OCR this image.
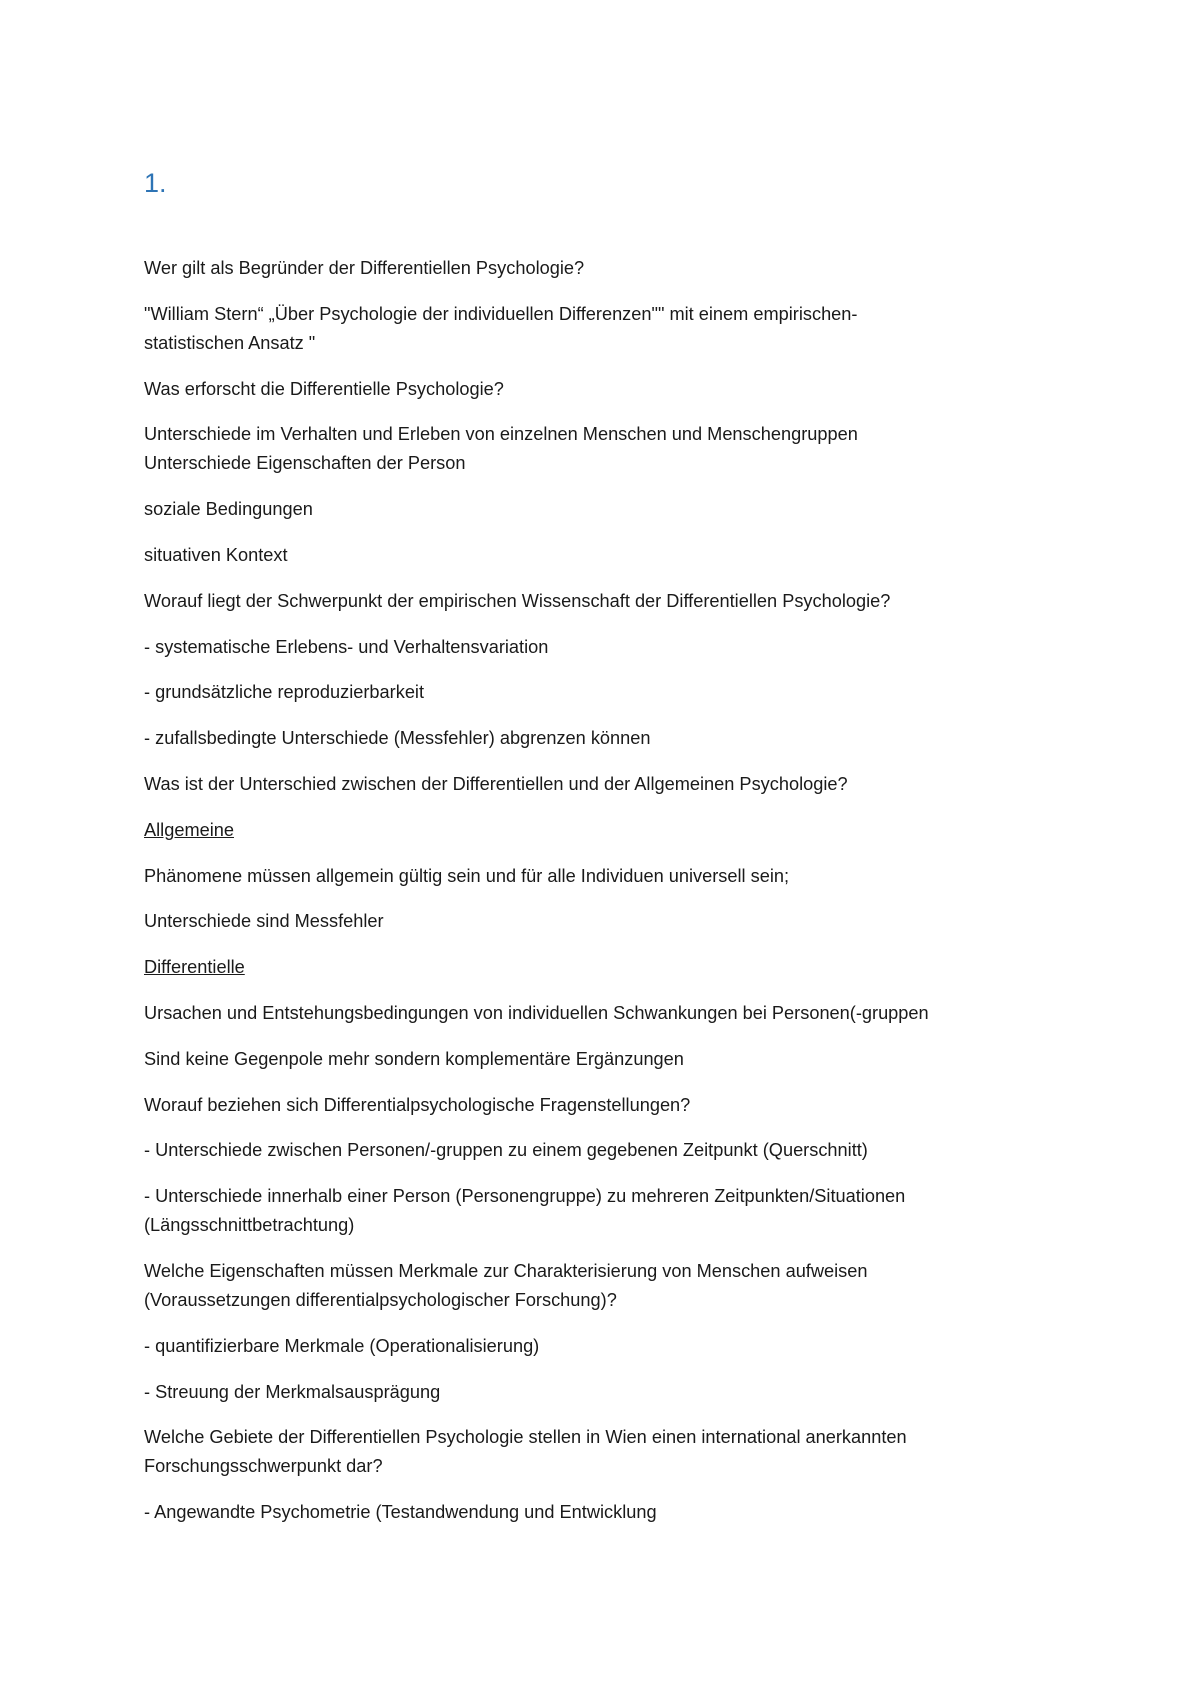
1.

Wer gilt als Begründer der Differentiellen Psychologie?

"William Stern“ „Über Psychologie der individuellen Differenzen"" mit einem empirischen-
statistischen Ansatz "

Was erforscht die Differentielle Psychologie?

Unterschiede im Verhalten und Erleben von einzelnen Menschen und Menschengruppen
Unterschiede Eigenschaften der Person

soziale Bedingungen

situativen Kontext

Worauf liegt der Schwerpunkt der empirischen Wissenschaft der Differentiellen Psychologie?

- systematische Erlebens- und Verhaltensvariation

- grundsätzliche reproduzierbarkeit

- zufallsbedingte Unterschiede (Messfehler) abgrenzen können

Was ist der Unterschied zwischen der Differentiellen und der Allgemeinen Psychologie?

Allgemeine

Phänomene müssen allgemein gültig sein und für alle Individuen universell sein;

Unterschiede sind Messfehler

Differentielle

Ursachen und Entstehungsbedingungen von individuellen Schwankungen bei Personen(-gruppen

Sind keine Gegenpole mehr sondern komplementäre Ergänzungen

Worauf beziehen sich Differentialpsychologische Fragenstellungen?

- Unterschiede zwischen Personen/-gruppen zu einem gegebenen Zeitpunkt (Querschnitt)

- Unterschiede innerhalb einer Person (Personengruppe) zu mehreren Zeitpunkten/Situationen
(Längsschnittbetrachtung)

Welche Eigenschaften müssen Merkmale zur Charakterisierung von Menschen aufweisen
(Voraussetzungen differentialpsychologischer Forschung)?

- quantifizierbare Merkmale (Operationalisierung)

- Streuung der Merkmalsausprägung

Welche Gebiete der Differentiellen Psychologie stellen in Wien einen international anerkannten
Forschungsschwerpunkt dar?

- Angewandte Psychometrie (Testandwendung und Entwicklung
